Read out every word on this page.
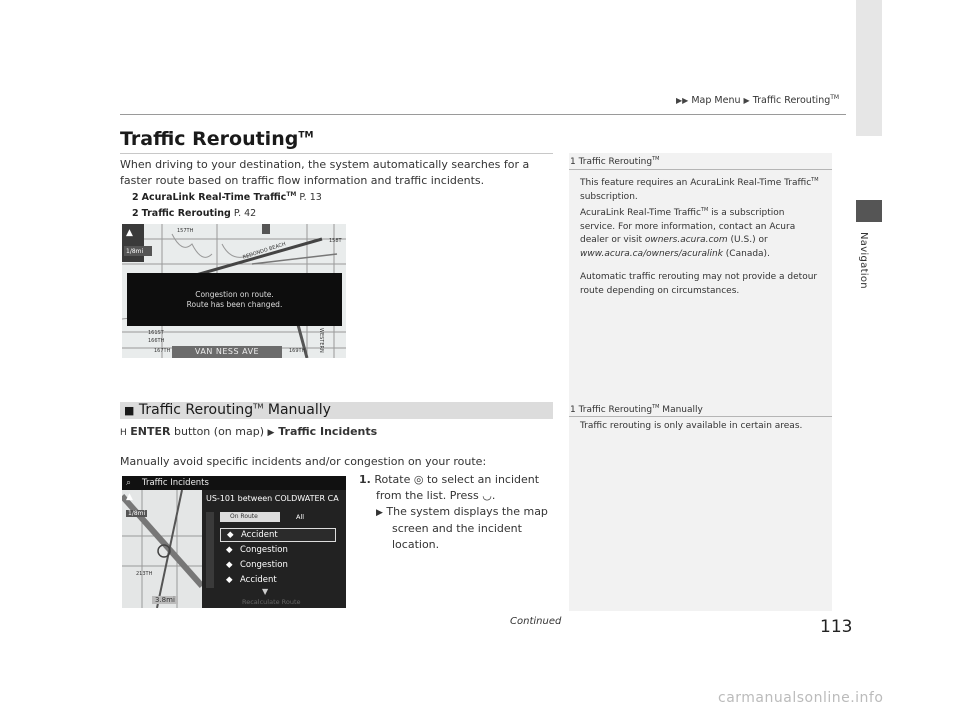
▶▶ Map Menu ▶ Traffic Rerouting™
Navigation
Traffic Rerouting™
When driving to your destination, the system automatically searches for a faster route based on traffic flow information and traffic incidents.
2 AcuraLink Real-Time Traffic™ P. 13
2 Traffic Rerouting P. 42
157TH
158T
REDONDO BEACH
161ST
1/8mi
▲
Congestion on route.
Route has been changed.
VAN NESS AVE
167TH	169TH	WESTERN
166TH
1 Traffic Rerouting™
This feature requires an AcuraLink Real-Time Traffic™
subscription.
AcuraLink Real-Time Traffic™ is a subscription
service. For more information, contact an Acura
dealer or visit owners.acura.com (U.S.) or
www.acura.ca/owners/acuralink (Canada).
Automatic traffic rerouting may not provide a detour
route depending on circumstances.
■ Traffic Rerouting™ Manually	1 Traffic Rerouting™ Manually
Traffic rerouting is only available in certain areas.
H ENTER button (on map) ▶ Traffic Incidents
Manually avoid specific incidents and/or congestion on your route:
⌕ Traffic Incidents
US-101 between COLDWATER CA
▲
1/8mi	On Route	All
◆ Accident
◆ Congestion
◆ Congestion
◆ Accident
▼
Recalculate Route
3.8mi
213TH
1. Rotate ◎ to select an incident
from the list. Press ◡.
▶ The system displays the map
screen and the incident
location.
Continued	113
carmanualsonline.info
